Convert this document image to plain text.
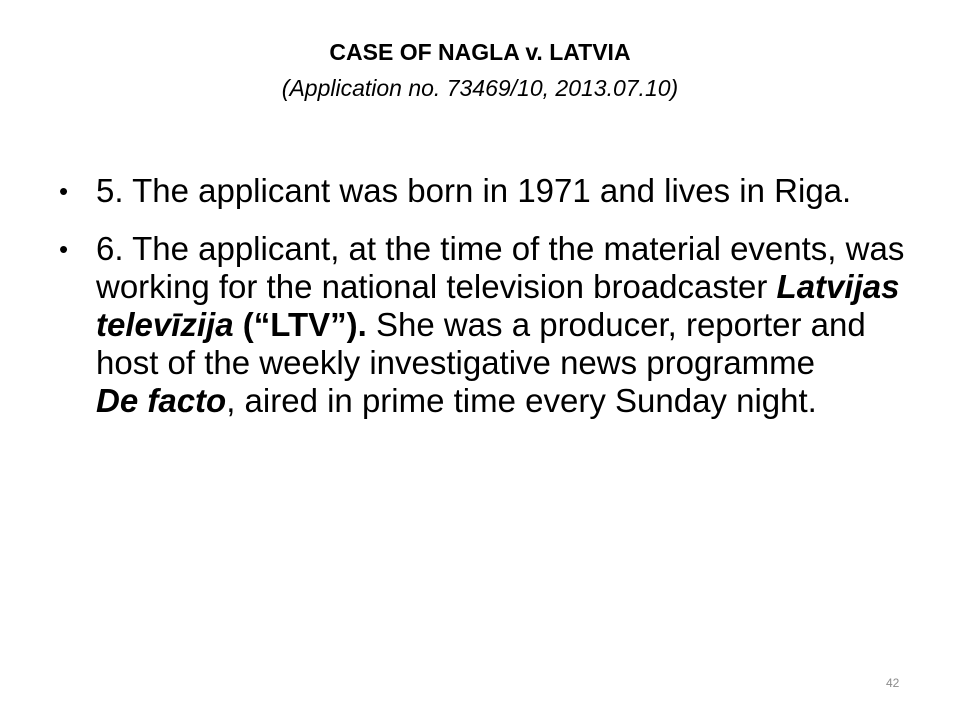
CASE OF NAGLA v. LATVIA
(Application no. 73469/10, 2013.07.10)
• 5. The applicant was born in 1971 and lives in Riga.
• 6. The applicant, at the time of the material events, was working for the national television broadcaster Latvijas televīzija (“LTV”). She was a producer, reporter and host of the weekly investigative news programme
De facto, aired in prime time every Sunday night.
42
